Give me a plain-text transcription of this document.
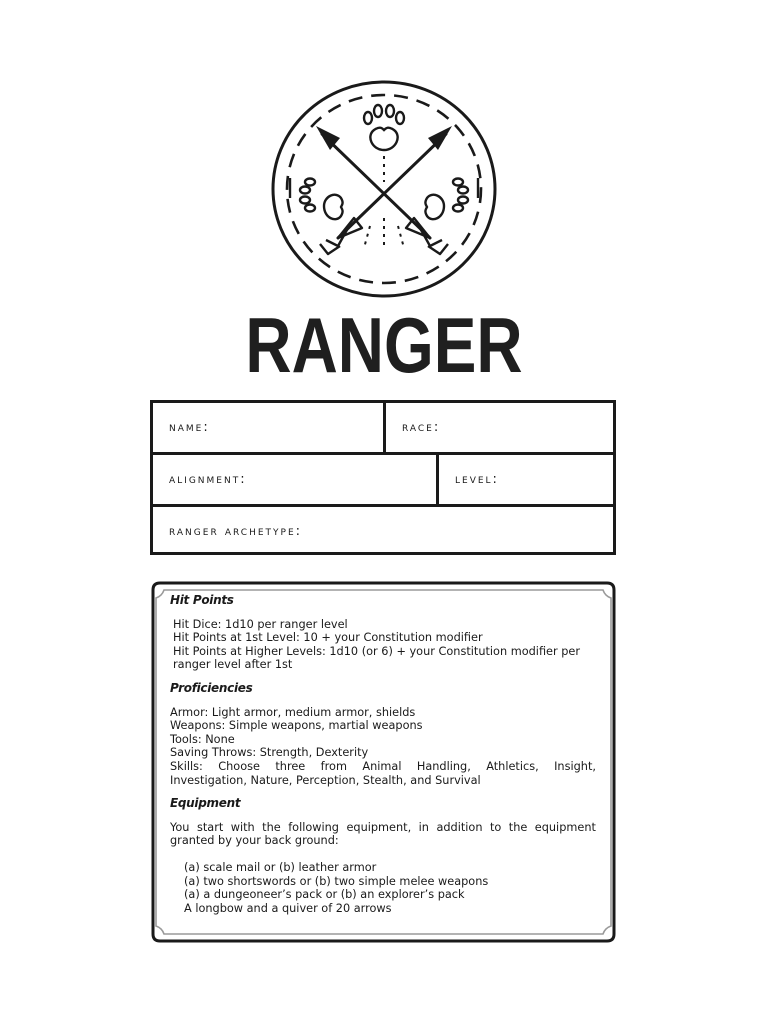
RANGER
name:	race:
alignment:	level:
ranger archetype:
Hit Points
Hit Dice: 1d10 per ranger level
Hit Points at 1st Level: 10 + your Constitution modifier
Hit Points at Higher Levels: 1d10 (or 6) + your Constitution modifier per
ranger level after 1st
Proficiencies
Armor: Light armor, medium armor, shields
Weapons: Simple weapons, martial weapons
Tools: None
Saving Throws: Strength, Dexterity
Skills: Choose three from Animal Handling, Athletics, Insight,
Investigation, Nature, Perception, Stealth, and Survival
Equipment
You start with the following equipment, in addition to the equipment
granted by your back ground:
(a) scale mail or (b) leather armor
(a) two shortswords or (b) two simple melee weapons
(a) a dungeoneer’s pack or (b) an explorer’s pack
A longbow and a quiver of 20 arrows
